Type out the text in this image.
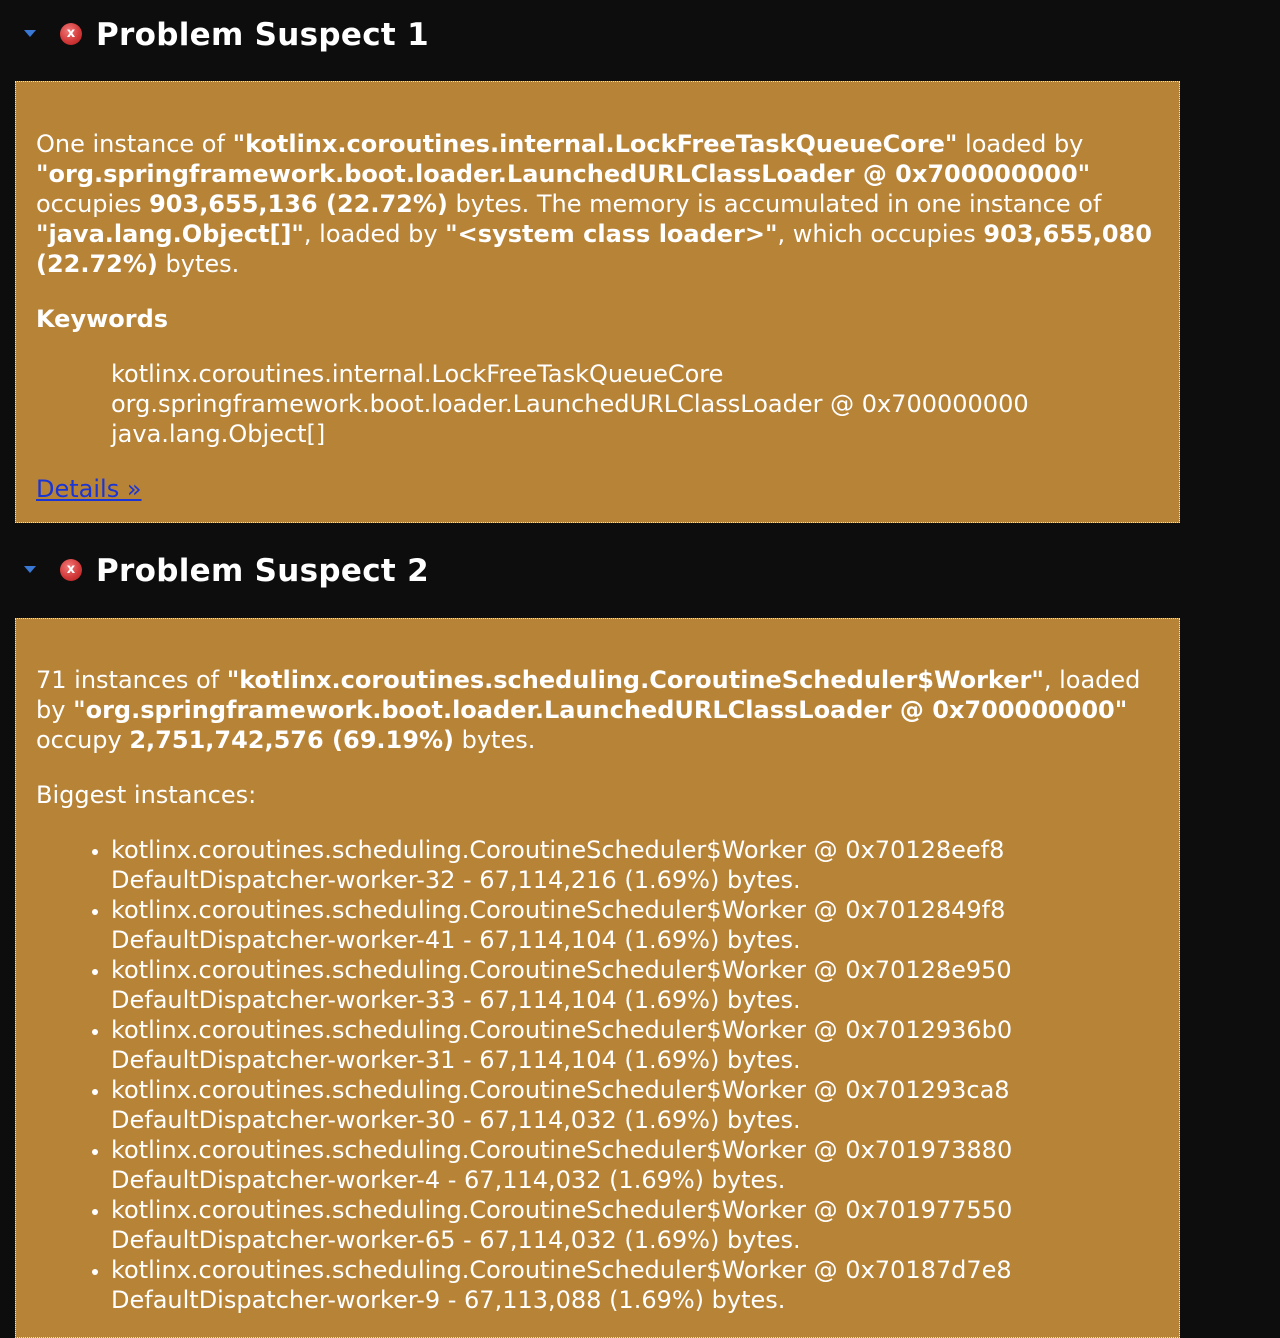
x Problem Suspect 1

One instance of "kotlinx.coroutines.internal.LockFreeTaskQueueCore" loaded by "org.springframework.boot.loader.LaunchedURLClassLoader @ 0x700000000" occupies 903,655,136 (22.72%) bytes. The memory is accumulated in one instance of "java.lang.Object[]", loaded by "<system class loader>", which occupies 903,655,080 (22.72%) bytes.

Keywords

kotlinx.coroutines.internal.LockFreeTaskQueueCore
org.springframework.boot.loader.LaunchedURLClassLoader @ 0x700000000
java.lang.Object[]
Details »
x Problem Suspect 2

71 instances of "kotlinx.coroutines.scheduling.CoroutineScheduler$Worker", loaded by "org.springframework.boot.loader.LaunchedURLClassLoader @ 0x700000000" occupy 2,751,742,576 (69.19%) bytes.

Biggest instances:

• kotlinx.coroutines.scheduling.CoroutineScheduler$Worker @ 0x70128eef8
DefaultDispatcher-worker-32 - 67,114,216 (1.69%) bytes.
• kotlinx.coroutines.scheduling.CoroutineScheduler$Worker @ 0x7012849f8
DefaultDispatcher-worker-41 - 67,114,104 (1.69%) bytes.
• kotlinx.coroutines.scheduling.CoroutineScheduler$Worker @ 0x70128e950
DefaultDispatcher-worker-33 - 67,114,104 (1.69%) bytes.
• kotlinx.coroutines.scheduling.CoroutineScheduler$Worker @ 0x7012936b0
DefaultDispatcher-worker-31 - 67,114,104 (1.69%) bytes.
• kotlinx.coroutines.scheduling.CoroutineScheduler$Worker @ 0x701293ca8
DefaultDispatcher-worker-30 - 67,114,032 (1.69%) bytes.
• kotlinx.coroutines.scheduling.CoroutineScheduler$Worker @ 0x701973880
DefaultDispatcher-worker-4 - 67,114,032 (1.69%) bytes.
• kotlinx.coroutines.scheduling.CoroutineScheduler$Worker @ 0x701977550
DefaultDispatcher-worker-65 - 67,114,032 (1.69%) bytes.
• kotlinx.coroutines.scheduling.CoroutineScheduler$Worker @ 0x70187d7e8
DefaultDispatcher-worker-9 - 67,113,088 (1.69%) bytes.
